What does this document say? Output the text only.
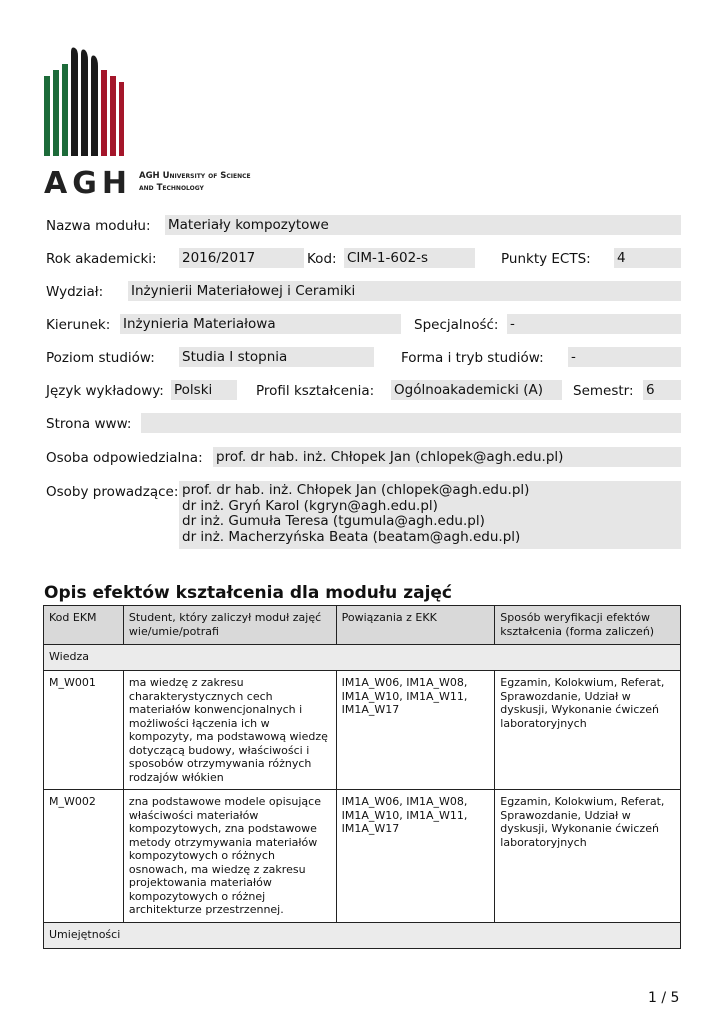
AGH AGH University of Science
and Technology
Nazwa modułu: Materiały kompozytowe
Rok akademicki: 2016/2017	Kod: CIM-1-602-s	Punkty ECTS: 4
Wydział: Inżynierii Materiałowej i Ceramiki
Kierunek: Inżynieria Materiałowa	Specjalność: -
Poziom studiów: Studia I stopnia	Forma i tryb studiów: -
Język wykładowy: Polski	Profil kształcenia: Ogólnoakademicki (A)	Semestr: 6
Strona www:
Osoba odpowiedzialna: prof. dr hab. inż. Chłopek Jan (chlopek@agh.edu.pl)
Osoby prowadzące: prof. dr hab. inż. Chłopek Jan (chlopek@agh.edu.pl)
dr inż. Gryń Karol (kgryn@agh.edu.pl)
dr inż. Gumuła Teresa (tgumula@agh.edu.pl)
dr inż. Macherzyńska Beata (beatam@agh.edu.pl)
Opis efektów kształcenia dla modułu zajęć
Kod EKM	Student, który zaliczył moduł zajęć wie/umie/potrafi	Powiązania z EKK	Sposób weryfikacji efektów kształcenia (forma zaliczeń)
Wiedza			
M_W001	ma wiedzę z zakresu charakterystycznych cech materiałów konwencjonalnych i możliwości łączenia ich w kompozyty, ma podstawową wiedzę dotyczącą budowy, właściwości i sposobów otrzymywania różnych rodzajów włókien	IM1A_W06, IM1A_W08, IM1A_W10, IM1A_W11, IM1A_W17	Egzamin, Kolokwium, Referat, Sprawozdanie, Udział w dyskusji, Wykonanie ćwiczeń laboratoryjnych
M_W002	zna podstawowe modele opisujące właściwości materiałów kompozytowych, zna podstawowe metody otrzymywania materiałów kompozytowych o różnych osnowach, ma wiedzę z zakresu projektowania materiałów kompozytowych o różnej architekturze przestrzennej.	IM1A_W06, IM1A_W08, IM1A_W10, IM1A_W11, IM1A_W17	Egzamin, Kolokwium, Referat, Sprawozdanie, Udział w dyskusji, Wykonanie ćwiczeń laboratoryjnych
Umiejętności			
1 / 5
